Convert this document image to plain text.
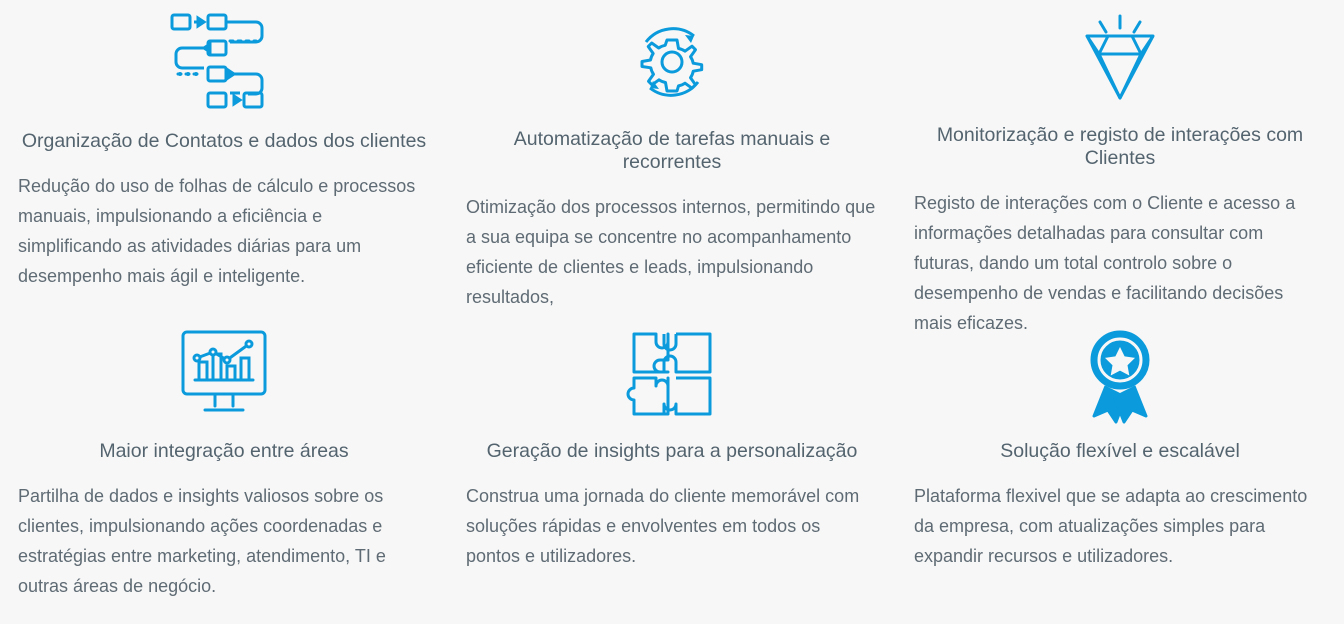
Organização de Contatos e dados dos clientes

Redução do uso de folhas de cálculo e processos manuais, impulsionando a eficiência e simplificando as atividades diárias para um desempenho mais ágil e inteligente.

Automatização de tarefas manuais e recorrentes

Otimização dos processos internos, permitindo que a sua equipa se concentre no acompanhamento eficiente de clientes e leads, impulsionando resultados,

Monitorização e registo de interações com Clientes

Registo de interações com o Cliente e acesso a informações detalhadas para consultar com futuras, dando um total controlo sobre o desempenho de vendas e facilitando decisões mais eficazes.

Maior integração entre áreas

Partilha de dados e insights valiosos sobre os clientes, impulsionando ações coordenadas e estratégias entre marketing, atendimento, TI e outras áreas de negócio.

Geração de insights para a personalização

Construa uma jornada do cliente memorável com soluções rápidas e envolventes em todos os pontos e utilizadores.

Solução flexível e escalável

Plataforma flexivel que se adapta ao crescimento da empresa, com atualizações simples para expandir recursos e utilizadores.
